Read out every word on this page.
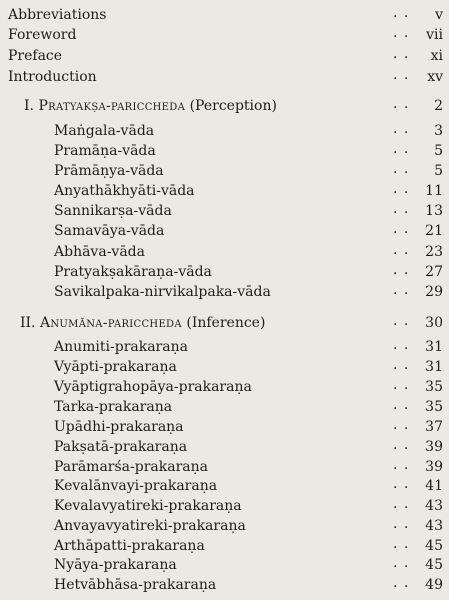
Abbreviations	. . v
Foreword	. . vii
Preface	. . xi
Introduction	. . xv
I. Pratyakṣa-pariccheda (Perception)	. . 2
Maṅgala-vāda	. . 3
Pramāṇa-vāda	. . 5
Prāmāṇya-vāda	. . 5
Anyathākhyāti-vāda	. . 11
Sannikarṣa-vāda	. . 13
Samavāya-vāda	. . 21
Abhāva-vāda	. . 23
Pratyakṣakāraṇa-vāda	. . 27
Savikalpaka-nirvikalpaka-vāda	. . 29
II. Anumāna-pariccheda (Inference)	. . 30
Anumiti-prakaraṇa	. . 31
Vyāpti-prakaraṇa	. . 31
Vyāptigrahopāya-prakaraṇa	. . 35
Tarka-prakaraṇa	. . 35
Upādhi-prakaraṇa	. . 37
Pakṣatā-prakaraṇa	. . 39
Parāmarśa-prakaraṇa	. . 39
Kevalānvayi-prakaraṇa	. . 41
Kevalavyatireki-prakaraṇa	. . 43
Anvayavyatireki-prakaraṇa	. . 43
Arthāpatti-prakaraṇa	. . 45
Nyāya-prakaraṇa	. . 45
Hetvābhāsa-prakaraṇa	. . 49
